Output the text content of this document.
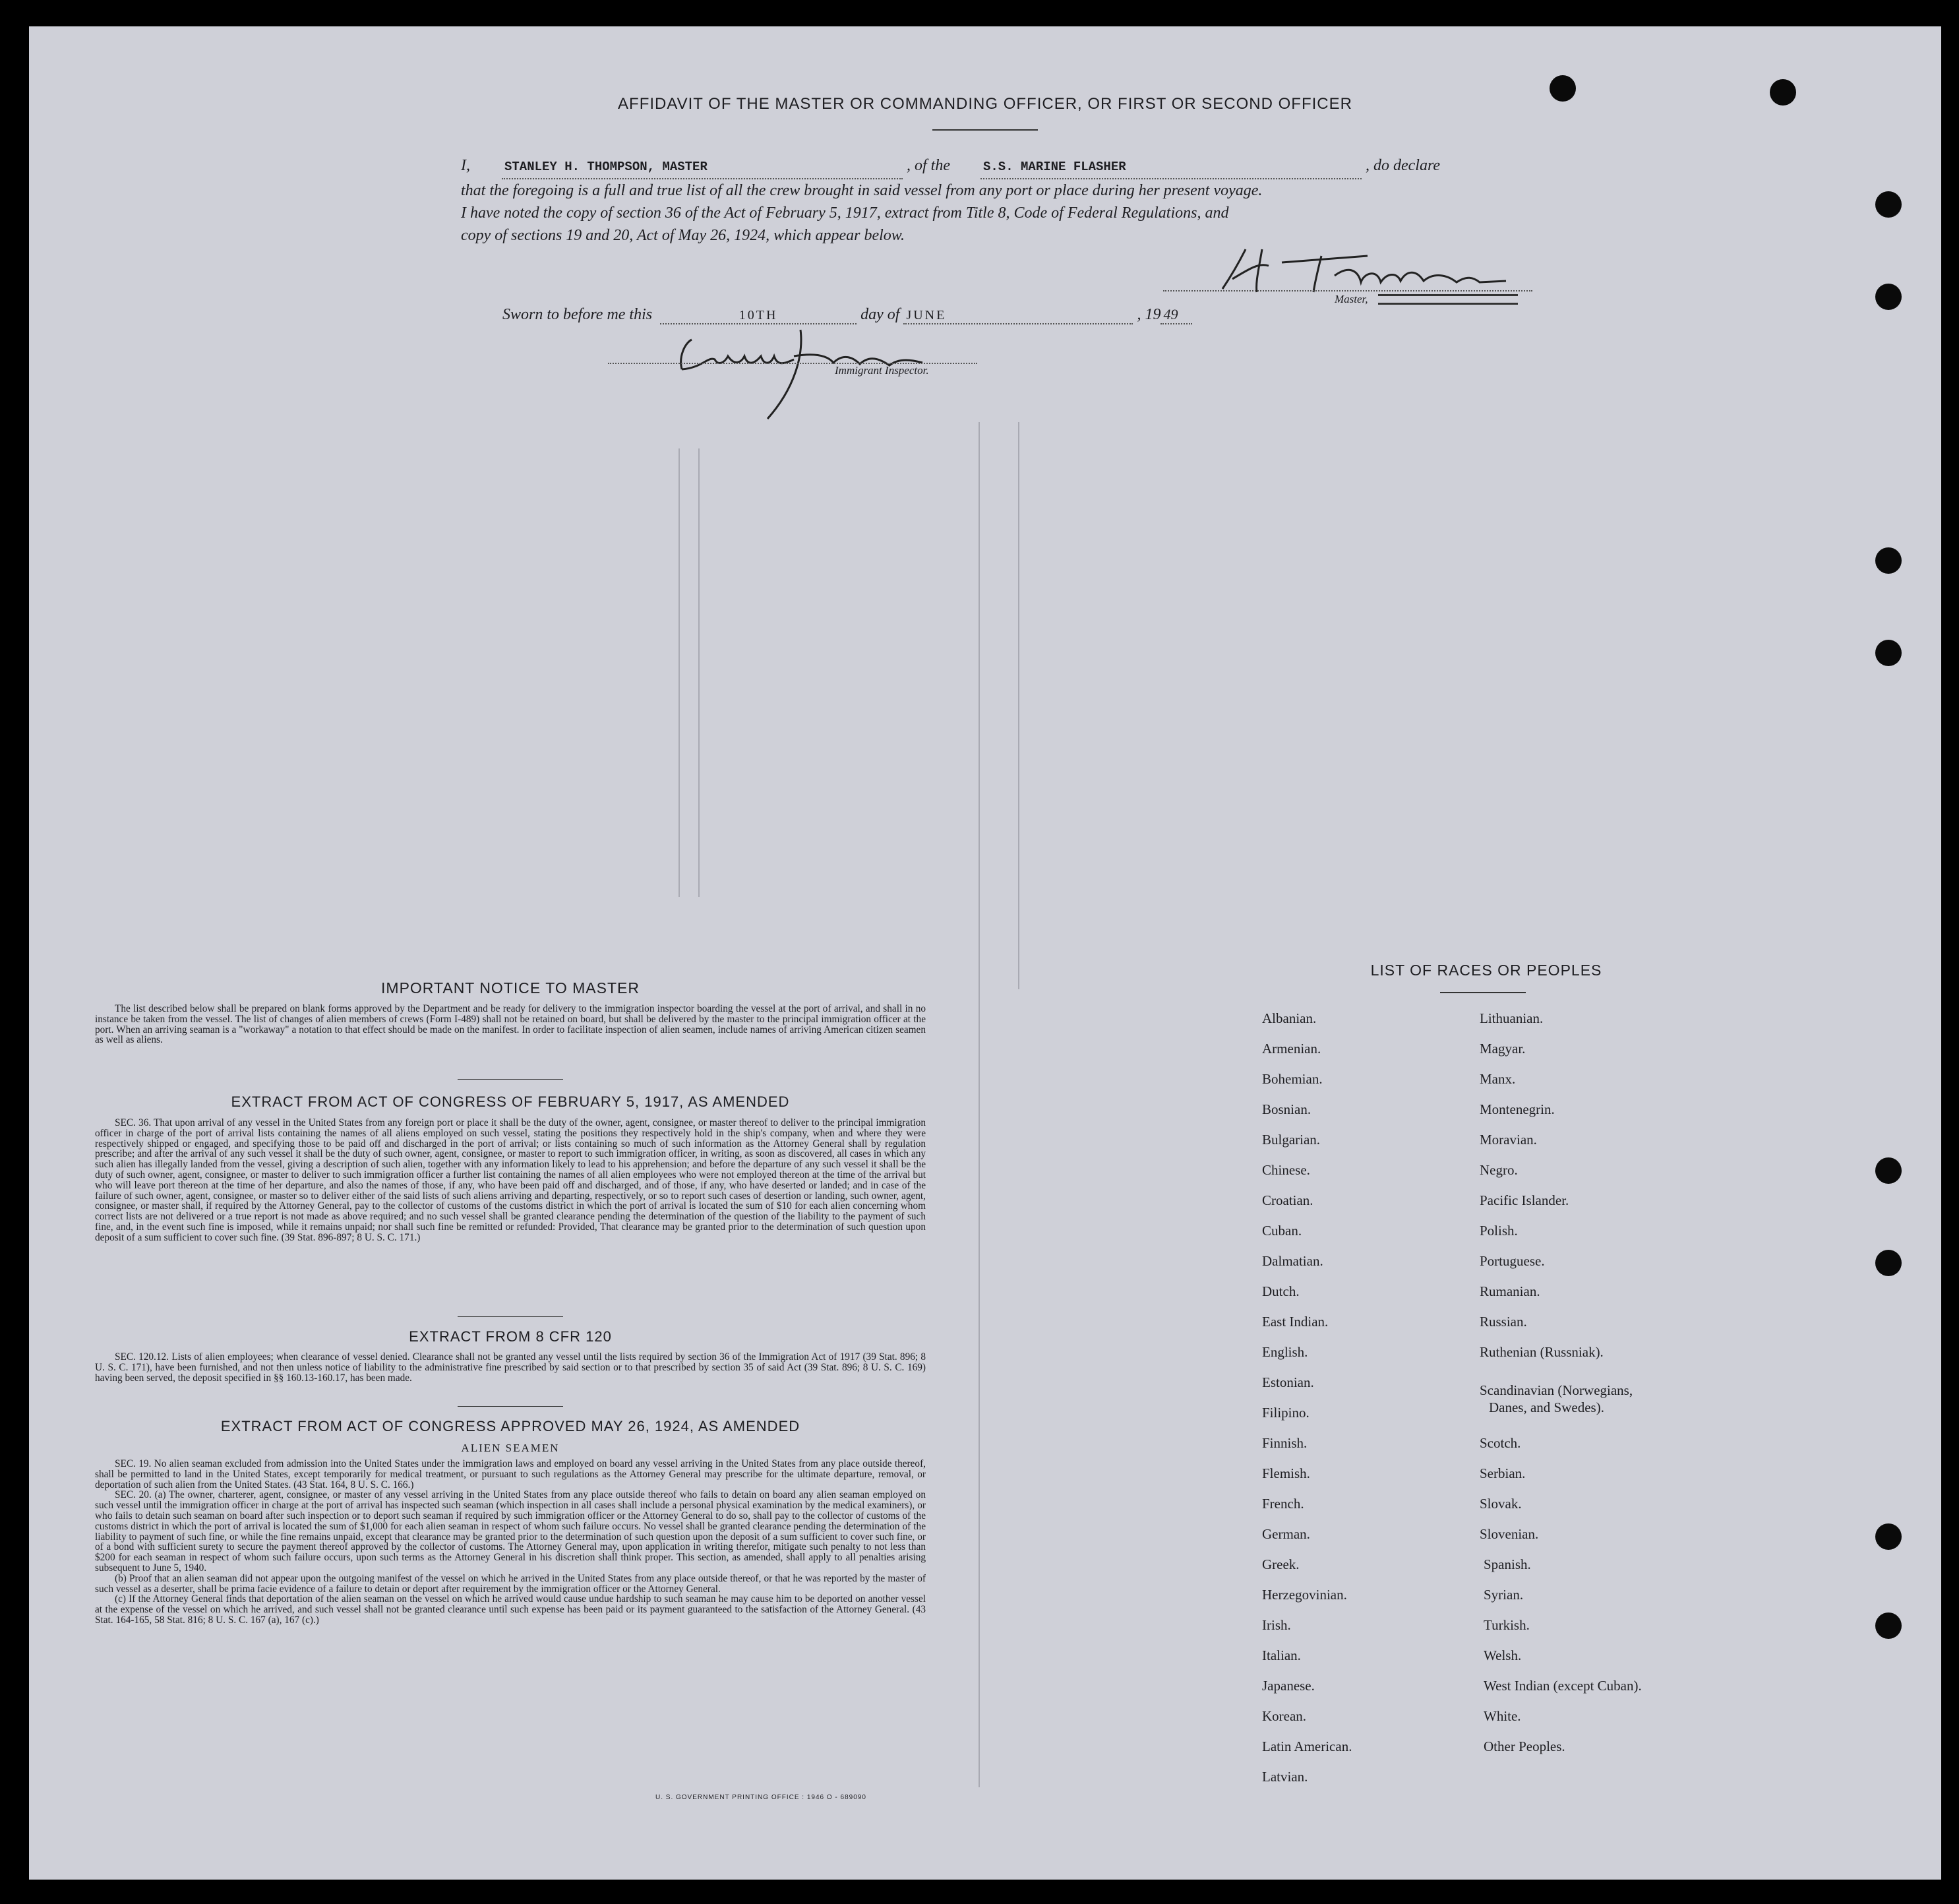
AFFIDAVIT OF THE MASTER OR COMMANDING OFFICER, OR FIRST OR SECOND OFFICER
I,	STANLEY H. THOMPSON, MASTER	, of the	S.S. MARINE FLASHER	, do declare
that the foregoing is a full and true list of all the crew brought in said vessel from any port or place during her present voyage.
I have noted the copy of section 36 of the Act of February 5, 1917, extract from Title 8, Code of Federal Regulations, and
copy of sections 19 and 20, Act of May 26, 1924, which appear below.
Master,
Sworn to before me this	10TH	day of JUNE	, 19 49
Immigrant Inspector.
IMPORTANT NOTICE TO MASTER

The list described below shall be prepared on blank forms approved by the Department and be ready for delivery to the immigration inspector boarding the vessel at the port of arrival, and shall in no instance be taken from the vessel. The list of changes of alien members of crews (Form I-489) shall not be retained on board, but shall be delivered by the master to the principal immigration officer at the port. When an arriving seaman is a "workaway" a notation to that effect should be made on the manifest. In order to facilitate inspection of alien seamen, include names of arriving American citizen seamen as well as aliens.

EXTRACT FROM ACT OF CONGRESS OF FEBRUARY 5, 1917, AS AMENDED

SEC. 36. That upon arrival of any vessel in the United States from any foreign port or place it shall be the duty of the owner, agent, consignee, or master thereof to deliver to the principal immigration officer in charge of the port of arrival lists containing the names of all aliens employed on such vessel, stating the positions they respectively hold in the ship's company, when and where they were respectively shipped or engaged, and specifying those to be paid off and discharged in the port of arrival; or lists containing so much of such information as the Attorney General shall by regulation prescribe; and after the arrival of any such vessel it shall be the duty of such owner, agent, consignee, or master to report to such immigration officer, in writing, as soon as discovered, all cases in which any such alien has illegally landed from the vessel, giving a description of such alien, together with any information likely to lead to his apprehension; and before the departure of any such vessel it shall be the duty of such owner, agent, consignee, or master to deliver to such immigration officer a further list containing the names of all alien employees who were not employed thereon at the time of the arrival but who will leave port thereon at the time of her departure, and also the names of those, if any, who have been paid off and discharged, and of those, if any, who have deserted or landed; and in case of the failure of such owner, agent, consignee, or master so to deliver either of the said lists of such aliens arriving and departing, respectively, or so to report such cases of desertion or landing, such owner, agent, consignee, or master shall, if required by the Attorney General, pay to the collector of customs of the customs district in which the port of arrival is located the sum of $10 for each alien concerning whom correct lists are not delivered or a true report is not made as above required; and no such vessel shall be granted clearance pending the determination of the question of the liability to the payment of such fine, and, in the event such fine is imposed, while it remains unpaid; nor shall such fine be remitted or refunded: Provided, That clearance may be granted prior to the determination of such question upon deposit of a sum sufficient to cover such fine. (39 Stat. 896-897; 8 U. S. C. 171.)

EXTRACT FROM 8 CFR 120

SEC. 120.12. Lists of alien employees; when clearance of vessel denied. Clearance shall not be granted any vessel until the lists required by section 36 of the Immigration Act of 1917 (39 Stat. 896; 8 U. S. C. 171), have been furnished, and not then unless notice of liability to the administrative fine prescribed by said section or to that prescribed by section 35 of said Act (39 Stat. 896; 8 U. S. C. 169) having been served, the deposit specified in §§ 160.13-160.17, has been made.

EXTRACT FROM ACT OF CONGRESS APPROVED MAY 26, 1924, AS AMENDED
ALIEN SEAMEN

SEC. 19. No alien seaman excluded from admission into the United States under the immigration laws and employed on board any vessel arriving in the United States from any place outside thereof, shall be permitted to land in the United States, except temporarily for medical treatment, or pursuant to such regulations as the Attorney General may prescribe for the ultimate departure, removal, or deportation of such alien from the United States. (43 Stat. 164, 8 U. S. C. 166.)

SEC. 20. (a) The owner, charterer, agent, consignee, or master of any vessel arriving in the United States from any place outside thereof who fails to detain on board any alien seaman employed on such vessel until the immigration officer in charge at the port of arrival has inspected such seaman (which inspection in all cases shall include a personal physical examination by the medical examiners), or who fails to detain such seaman on board after such inspection or to deport such seaman if required by such immigration officer or the Attorney General to do so, shall pay to the collector of customs of the customs district in which the port of arrival is located the sum of $1,000 for each alien seaman in respect of whom such failure occurs. No vessel shall be granted clearance pending the determination of the liability to payment of such fine, or while the fine remains unpaid, except that clearance may be granted prior to the determination of such question upon the deposit of a sum sufficient to cover such fine, or of a bond with sufficient surety to secure the payment thereof approved by the collector of customs. The Attorney General may, upon application in writing therefor, mitigate such penalty to not less than $200 for each seaman in respect of whom such failure occurs, upon such terms as the Attorney General in his discretion shall think proper. This section, as amended, shall apply to all penalties arising subsequent to June 5, 1940.

(b) Proof that an alien seaman did not appear upon the outgoing manifest of the vessel on which he arrived in the United States from any place outside thereof, or that he was reported by the master of such vessel as a deserter, shall be prima facie evidence of a failure to detain or deport after requirement by the immigration officer or the Attorney General.

(c) If the Attorney General finds that deportation of the alien seaman on the vessel on which he arrived would cause undue hardship to such seaman he may cause him to be deported on another vessel at the expense of the vessel on which he arrived, and such vessel shall not be granted clearance until such expense has been paid or its payment guaranteed to the satisfaction of the Attorney General. (43 Stat. 164-165, 58 Stat. 816; 8 U. S. C. 167 (a), 167 (c).)

U. S. GOVERNMENT PRINTING OFFICE : 1946 O - 689090
LIST OF RACES OR PEOPLES
Albanian.
Armenian.
Bohemian.
Bosnian.
Bulgarian.
Chinese.
Croatian.
Cuban.
Dalmatian.
Dutch.
East Indian.
English.
Estonian.
Filipino.
Finnish.
Flemish.
French.
German.
Greek.
Herzegovinian.
Irish.
Italian.
Japanese.
Korean.
Latin American.
Latvian.
Lithuanian.
Magyar.
Manx.
Montenegrin.
Moravian.
Negro.
Pacific Islander.
Polish.
Portuguese.
Rumanian.
Russian.
Ruthenian (Russniak).
Scandinavian (Norwegians,
Danes, and Swedes).
Scotch.
Serbian.
Slovak.
Slovenian.
Spanish.
Syrian.
Turkish.
Welsh.
West Indian (except Cuban).
White.
Other Peoples.
